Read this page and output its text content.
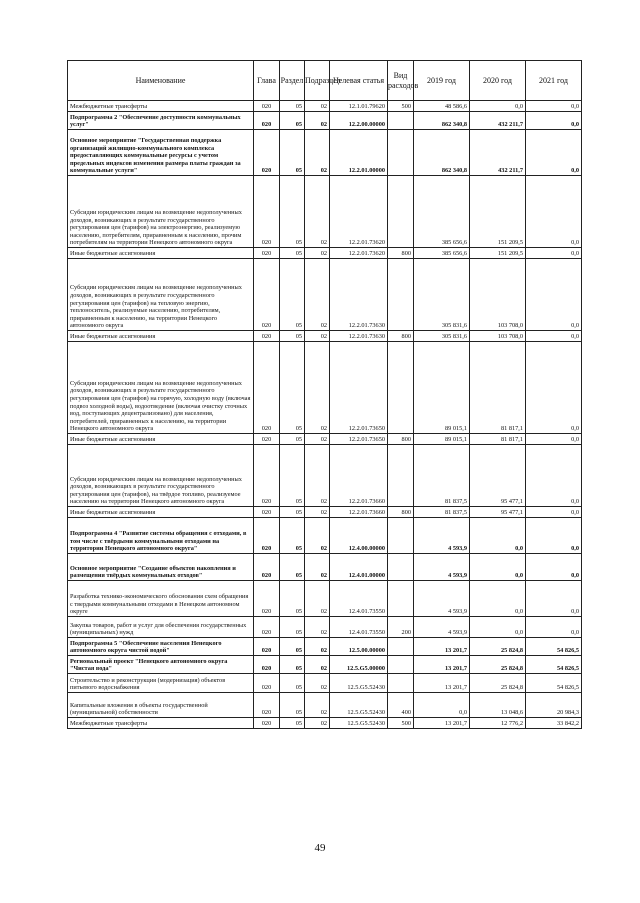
Наименование	Глава	Раздел	Подраздел	Целевая статья	Вид расходов	2019 год	2020 год	2021 год
Межбюджетные трансферты	020	05	02	12.1.01.79620	500	48 586,6	0,0	0,0
Подпрограмма 2 "Обеспечение доступности коммунальных услуг"	020	05	02	12.2.00.00000		862 340,8	432 211,7	0,0
Основное мероприятие "Государственная поддержка организаций жилищно-коммунального комплекса предоставляющих коммунальные ресурсы с учетом предельных индексов изменения размера платы граждан за коммунальные услуги"	020	05	02	12.2.01.00000		862 340,8	432 211,7	0,0
Субсидии юридическим лицам на возмещение недополученных доходов, возникающих в результате государственного регулирования цен (тарифов) на электроэнергию, реализуемую населению, потребителям, приравненным к населению, прочим потребителям на территории Ненецкого автономного округа	020	05	02	12.2.01.73620		385 656,6	151 209,5	0,0
Иные бюджетные ассигнования	020	05	02	12.2.01.73620	800	385 656,6	151 209,5	0,0
Субсидии юридическим лицам на возмещение недополученных доходов, возникающих в результате государственного регулирования цен (тарифов) на тепловую энергию, теплоноситель, реализуемые населению, потребителям, приравненным к населению, на территории Ненецкого автономного округа	020	05	02	12.2.01.73630		305 831,6	103 708,0	0,0
Иные бюджетные ассигнования	020	05	02	12.2.01.73630	800	305 831,6	103 708,0	0,0
Субсидии юридическим лицам на возмещение недополученных доходов, возникающих в результате государственного регулирования цен (тарифов) на горячую, холодную воду (включая подвоз холодной воды), водоотведение (включая очистку сточных вод, поступающих децентрализовано) для населения, потребителей, приравненных к населению, на территории Ненецкого автономного округа	020	05	02	12.2.01.73650		89 015,1	81 817,1	0,0
Иные бюджетные ассигнования	020	05	02	12.2.01.73650	800	89 015,1	81 817,1	0,0
Субсидии юридическим лицам на возмещение недополученных доходов, возникающих в результате государственного регулирования цен (тарифов), на твёрдое топливо, реализуемое населению на территории Ненецкого автономного округа	020	05	02	12.2.01.73660		81 837,5	95 477,1	0,0
Иные бюджетные ассигнования	020	05	02	12.2.01.73660	800	81 837,5	95 477,1	0,0
Подпрограмма 4 "Развитие системы обращения с отходами, в том числе с твёрдыми коммунальными отходами на территории Ненецкого автономного округа"	020	05	02	12.4.00.00000		4 593,9	0,0	0,0
Основное мероприятие "Создание объектов накопления и размещения твёрдых коммунальных отходов"	020	05	02	12.4.01.00000		4 593,9	0,0	0,0
Разработка технико-экономического обоснования схем обращения с твердыми коммунальными отходами в Ненецком автономном округе	020	05	02	12.4.01.73550		4 593,9	0,0	0,0
Закупка товаров, работ и услуг для обеспечения государственных (муниципальных) нужд	020	05	02	12.4.01.73550	200	4 593,9	0,0	0,0
Подпрограмма 5 "Обеспечение населения Ненецкого автономного округа чистой водой"	020	05	02	12.5.00.00000		13 201,7	25 824,8	54 826,5
Региональный проект "Ненецкого автономного округа "Чистая вода"	020	05	02	12.5.G5.00000		13 201,7	25 824,8	54 826,5
Строительство и реконструкция (модернизация) объектов питьевого водоснабжения	020	05	02	12.5.G5.52430		13 201,7	25 824,8	54 826,5
Капитальные вложения в объекты государственной (муниципальной) собственности	020	05	02	12.5.G5.52430	400	0,0	13 048,6	20 984,3
Межбюджетные трансферты	020	05	02	12.5.G5.52430	500	13 201,7	12 776,2	33 842,2
49
